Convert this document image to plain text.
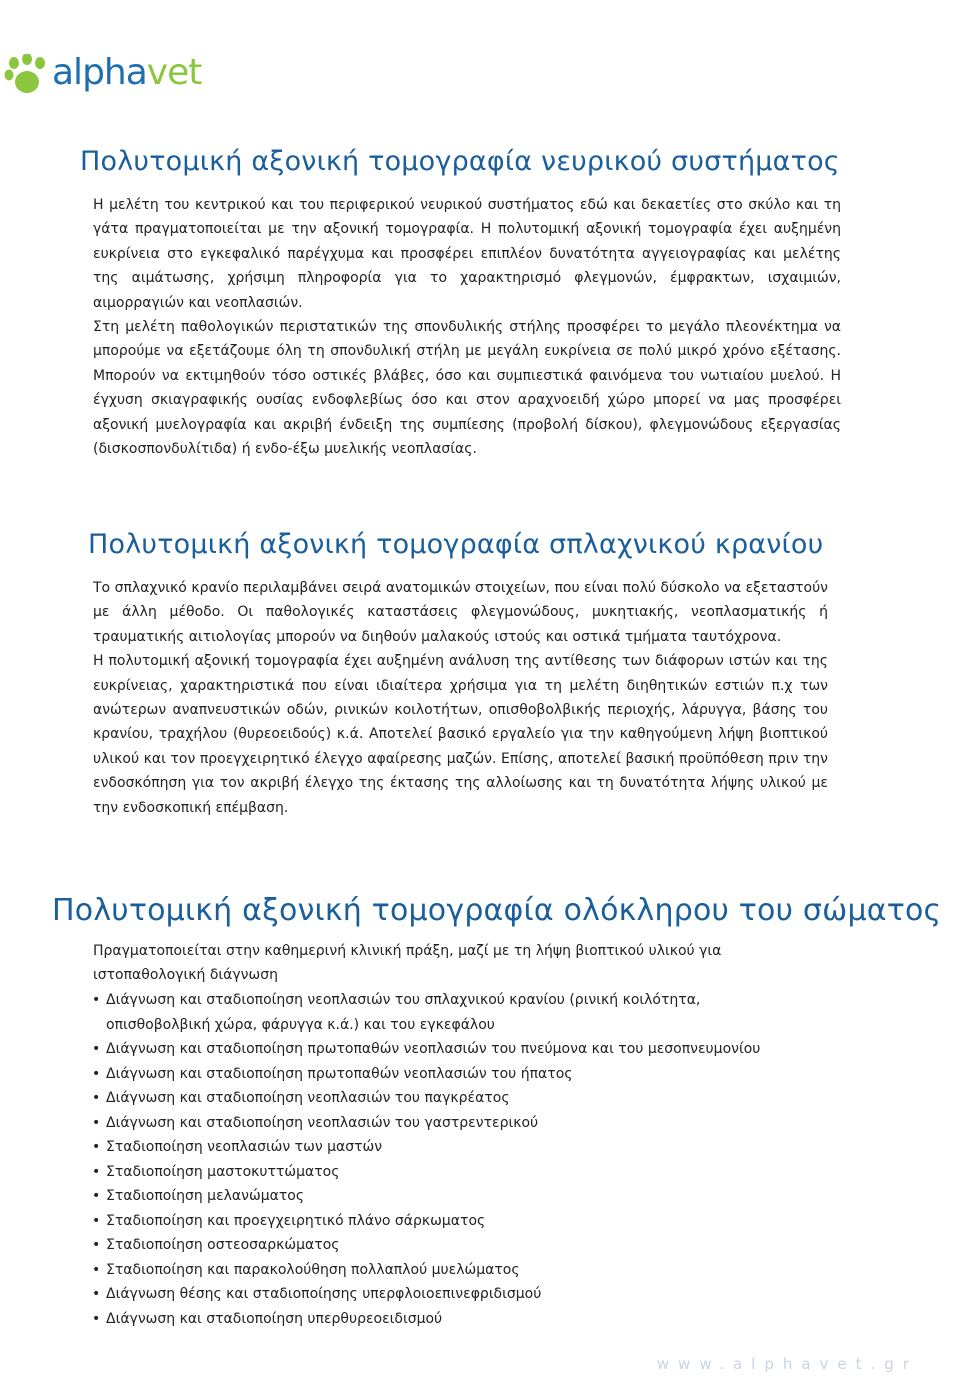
alphavet
Πολυτομική αξονική τομογραφία νευρικού συστήματος

Η μελέτη του κεντρικού και του περιφερικού νευρικού συστήματος εδώ και δεκαετίες στο σκύλο και τη γάτα πραγματοποιείται με την αξονική τομογραφία. Η πολυτομική αξονική τομογραφία έχει αυξημένη ευκρίνεια στο εγκεφαλικό παρέγχυμα και προσφέρει επιπλέον δυνατότητα αγγειογραφίας και μελέτης της αιμάτωσης, χρήσιμη πληροφορία για το χαρακτηρισμό φλεγμονών, έμφρακτων, ισχαιμιών, αιμορραγιών και νεοπλασιών.

Στη μελέτη παθολογικών περιστατικών της σπονδυλικής στήλης προσφέρει το μεγάλο πλεονέκτημα να μπορούμε να εξετάζουμε όλη τη σπονδυλική στήλη με μεγάλη ευκρίνεια σε πολύ μικρό χρόνο εξέτασης. Μπορούν να εκτιμηθούν τόσο οστικές βλάβες, όσο και συμπιεστικά φαινόμενα του νωτιαίου μυελού. Η έγχυση σκιαγραφικής ουσίας ενδοφλεβίως όσο και στον αραχνοειδή χώρο μπορεί να μας προσφέρει αξονική μυελογραφία και ακριβή ένδειξη της συμπίεσης (προβολή δίσκου), φλεγμονώδους εξεργασίας (δισκοσπονδυλίτιδα) ή ενδο-έξω μυελικής νεοπλασίας.

Πολυτομική αξονική τομογραφία σπλαχνικού κρανίου

Το σπλαχνικό κρανίο περιλαμβάνει σειρά ανατομικών στοιχείων, που είναι πολύ δύσκολο να εξεταστούν με άλλη μέθοδο. Οι παθολογικές καταστάσεις φλεγμονώδους, μυκητιακής, νεοπλασματικής ή τραυματικής αιτιολογίας μπορούν να διηθούν μαλακούς ιστούς και οστικά τμήματα ταυτόχρονα.

Η πολυτομική αξονική τομογραφία έχει αυξημένη ανάλυση της αντίθεσης των διάφορων ιστών και της ευκρίνειας, χαρακτηριστικά που είναι ιδιαίτερα χρήσιμα για τη μελέτη διηθητικών εστιών π.χ των ανώτερων αναπνευστικών οδών, ρινικών κοιλοτήτων, οπισθοβολβικής περιοχής, λάρυγγα, βάσης του κρανίου, τραχήλου (θυρεοειδούς) κ.ά. Αποτελεί βασικό εργαλείο για την καθηγούμενη λήψη βιοπτικού υλικού και τον προεγχειρητικό έλεγχο αφαίρεσης μαζών. Επίσης, αποτελεί βασική προϋπόθεση πριν την ενδοσκόπηση για τον ακριβή έλεγχο της έκτασης της αλλοίωσης και τη δυνατότητα λήψης υλικού με την ενδοσκοπική επέμβαση.

Πολυτομική αξονική τομογραφία ολόκληρου του σώματος
Πραγματοποιείται στην καθημερινή κλινική πράξη, μαζί με τη λήψη βιοπτικού υλικού για ιστοπαθολογική διάγνωση
• Διάγνωση και σταδιοποίηση νεοπλασιών του σπλαχνικού κρανίου (ρινική κοιλότητα, οπισθοβολβική χώρα, φάρυγγα κ.ά.) και του εγκεφάλου
• Διάγνωση και σταδιοποίηση πρωτοπαθών νεοπλασιών του πνεύμονα και του μεσοπνευμονίου
• Διάγνωση και σταδιοποίηση πρωτοπαθών νεοπλασιών του ήπατος
• Διάγνωση και σταδιοποίηση νεοπλασιών του παγκρέατος
• Διάγνωση και σταδιοποίηση νεοπλασιών του γαστρεντερικού
• Σταδιοποίηση νεοπλασιών των μαστών
• Σταδιοποίηση μαστοκυττώματος
• Σταδιοποίηση μελανώματος
• Σταδιοποίηση και προεγχειρητικό πλάνο σάρκωματος
• Σταδιοποίηση οστεοσαρκώματος
• Σταδιοποίηση και παρακολούθηση πολλαπλού μυελώματος
• Διάγνωση θέσης και σταδιοποίησης υπερφλοιοεπινεφριδισμού
• Διάγνωση και σταδιοποίηση υπερθυρεοειδισμού
www.alphavet.gr
